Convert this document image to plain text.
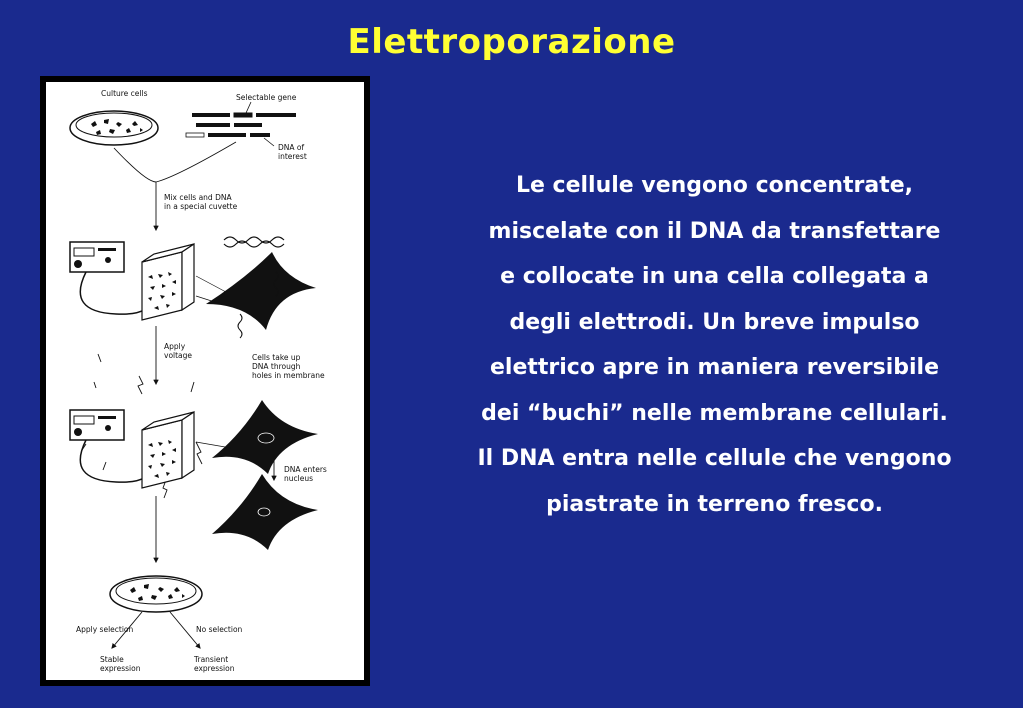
Elettroporazione
Culture cells	Selectable gene
DNA of
interest
Mix cells and DNA
in a special cuvette
Apply
voltage	Cells take up
DNA through
holes in membrane
DNA enters
nucleus
Apply selection	No selection
Stable
expression
Transient
expression
Le cellule vengono concentrate,
miscelate con il DNA da transfettare
e collocate in una cella collegata a
degli elettrodi. Un breve impulso
elettrico apre in maniera reversibile
dei “buchi” nelle membrane cellulari.
Il DNA entra nelle cellule che vengono
piastrate in terreno fresco.
